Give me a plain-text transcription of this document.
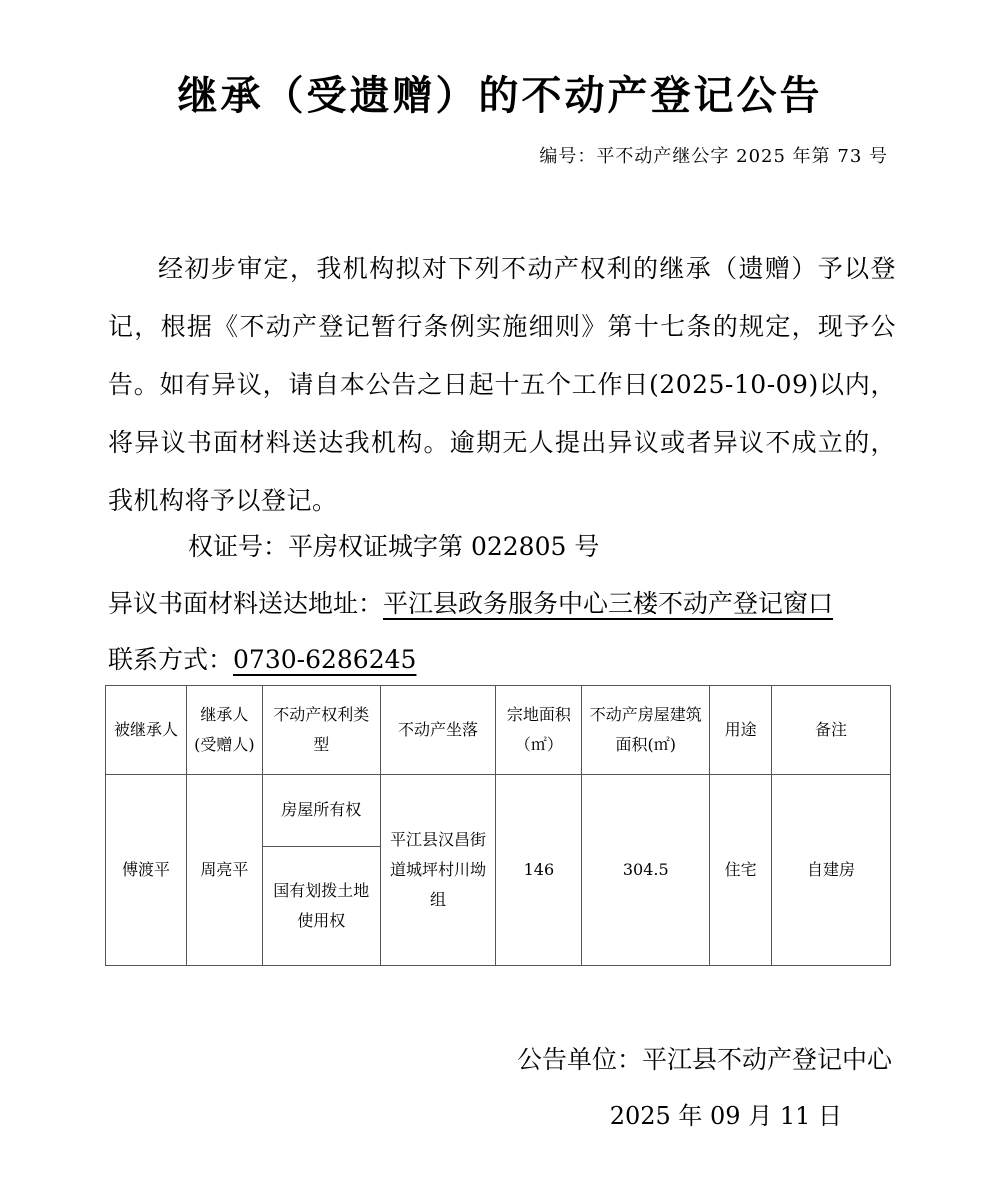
继承（受遗赠）的不动产登记公告
编号：平不动产继公字 2025 年第 73 号

经初步审定，我机构拟对下列不动产权利的继承（遗赠）予以登记，根据《不动产登记暂行条例实施细则》第十七条的规定，现予公告。如有异议，请自本公告之日起十五个工作日(2025-10-09)以内，将异议书面材料送达我机构。逾期无人提出异议或者异议不成立的，我机构将予以登记。

权证号：平房权证城字第 022805 号
异议书面材料送达地址：平江县政务服务中心三楼不动产登记窗口
联系方式：0730-6286245
被继承人	继承人(受赠人)	不动产权利类 型	不动产坐落	宗地面积（㎡）	不动产房屋建筑面积(㎡)	用途	备注
傅渡平	周亮平	房屋所有权	平江县汉昌街道城坪村川坳组	146	304.5	住宅	自建房
		国有划拨土地使用权					
公告单位：平江县不动产登记中心
2025 年 09 月 11 日
